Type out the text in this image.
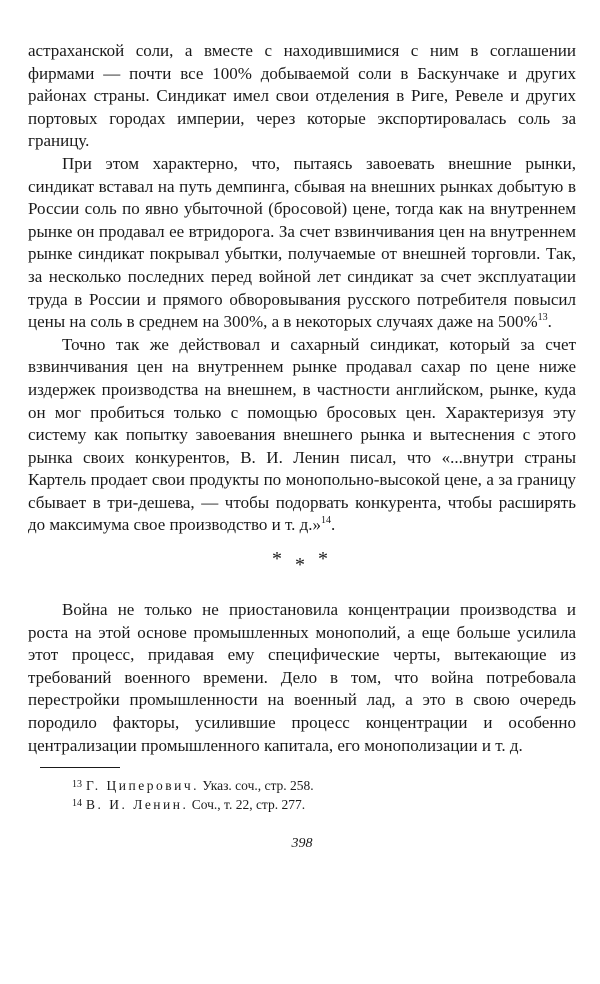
астраханской соли, а вместе с находившимися с ним в соглашении фирмами — почти все 100% добываемой соли в Баскунчаке и других районах страны. Синдикат имел свои отделения в Риге, Ревеле и других портовых городах империи, через которые экспортировалась соль за границу.

При этом характерно, что, пытаясь завоевать внешние рынки, синдикат вставал на путь демпинга, сбывая на внешних рынках добытую в России соль по явно убыточной (бросовой) цене, тогда как на внутреннем рынке он продавал ее втридорога. За счет взвинчивания цен на внутреннем рынке синдикат покрывал убытки, получаемые от внешней торговли. Так, за несколько последних перед войной лет синдикат за счет эксплуатации труда в России и прямого обворовывания русского потребителя повысил цены на соль в среднем на 300%, а в некоторых случаях даже на 500%$^{13}$.

Точно так же действовал и сахарный синдикат, который за счет взвинчивания цен на внутреннем рынке продавал сахар по цене ниже издержек производства на внешнем, в частности английском, рынке, куда он мог пробиться только с помощью бросовых цен. Характеризуя эту систему как попытку завоевания внешнего рынка и вытеснения с этого рынка своих конкурентов, В. И. Ленин писал, что «...внутри страны Картель продает свои продукты по монопольно-высокой цене, а за границу сбывает в три-дешева, — чтобы подорвать конкурента, чтобы расширять до максимума свое производство и т. д.»$^{14}$.

* * *

Война не только не приостановила концентрации производства и роста на этой основе промышленных монополий, а еще больше усилила этот процесс, придавая ему специфические черты, вытекающие из требований военного времени. Дело в том, что война потребовала перестройки промышленности на военный лад, а это в свою очередь породило факторы, усилившие процесс концентрации и особенно централизации промышленного капитала, его монополизации и т. д.

$^{13}$ Г. Циперович. Указ. соч., стр. 258.

$^{14}$ В. И. Ленин. Соч., т. 22, стр. 277.

398
